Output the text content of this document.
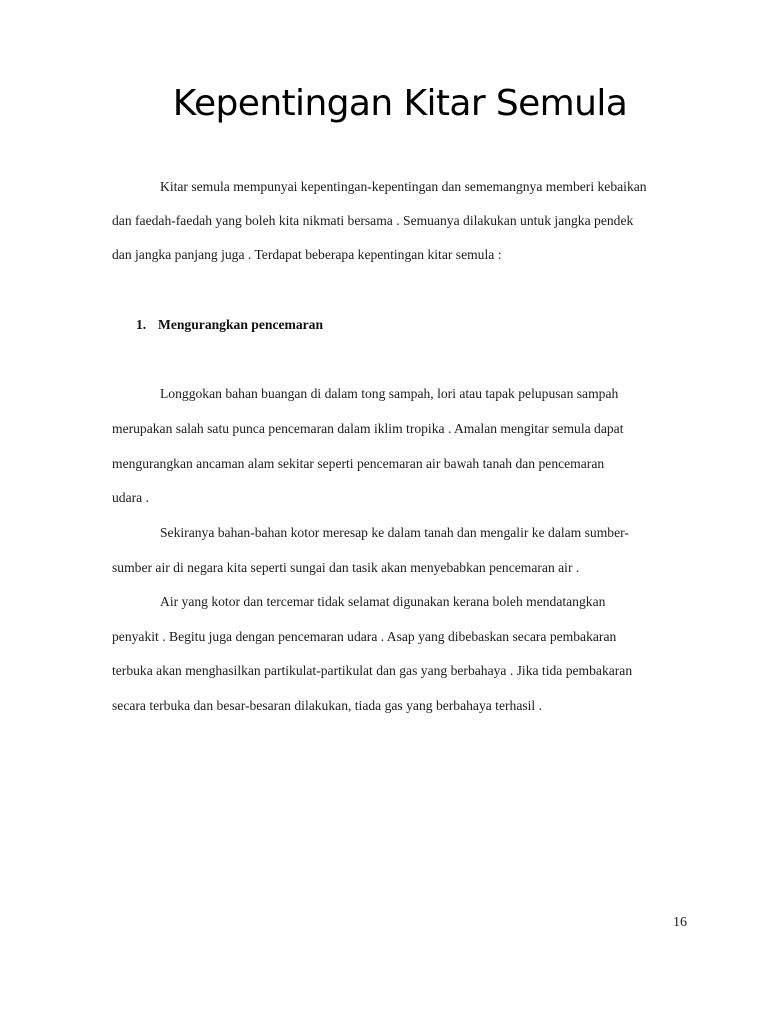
Kepentingan Kitar Semula
Kitar semula mempunyai kepentingan-kepentingan dan sememangnya memberi kebaikan
dan faedah-faedah yang boleh kita nikmati bersama . Semuanya dilakukan untuk jangka pendek
dan jangka panjang juga . Terdapat beberapa kepentingan kitar semula :
1. Mengurangkan pencemaran
Longgokan bahan buangan di dalam tong sampah, lori atau tapak pelupusan sampah
merupakan salah satu punca pencemaran dalam iklim tropika . Amalan mengitar semula dapat
mengurangkan ancaman alam sekitar seperti pencemaran air bawah tanah dan pencemaran
udara .
Sekiranya bahan-bahan kotor meresap ke dalam tanah dan mengalir ke dalam sumber-
sumber air di negara kita seperti sungai dan tasik akan menyebabkan pencemaran air .
Air yang kotor dan tercemar tidak selamat digunakan kerana boleh mendatangkan
penyakit . Begitu juga dengan pencemaran udara . Asap yang dibebaskan secara pembakaran
terbuka akan menghasilkan partikulat-partikulat dan gas yang berbahaya . Jika tida pembakaran
secara terbuka dan besar-besaran dilakukan, tiada gas yang berbahaya terhasil .
16
